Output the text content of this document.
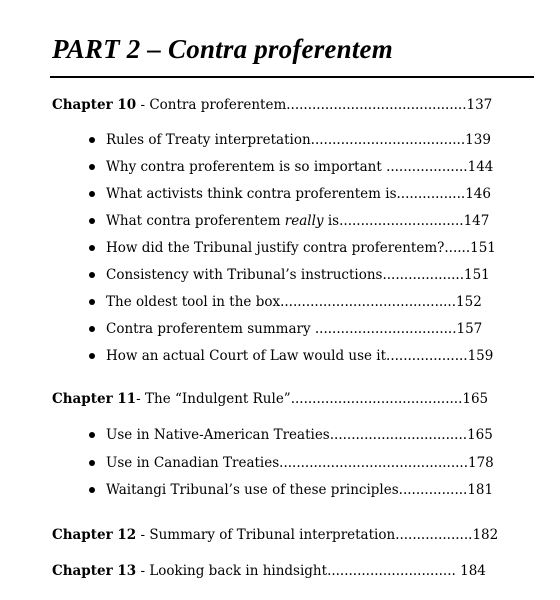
PART 2 – Contra proferentem
Chapter 10 - Contra proferentem..........................................137
Rules of Treaty interpretation....................................139
Why contra proferentem is so important ...................144
What activists think contra proferentem is................146
What contra proferentem really is.............................147
How did the Tribunal justify contra proferentem?......151
Consistency with Tribunal’s instructions...................151
The oldest tool in the box.........................................152
Contra proferentem summary .................................157
How an actual Court of Law would use it...................159
Chapter 11- The “Indulgent Rule”........................................165
Use in Native-American Treaties................................165
Use in Canadian Treaties............................................178
Waitangi Tribunal’s use of these principles................181
Chapter 12 - Summary of Tribunal interpretation..................182
Chapter 13 - Looking back in hindsight.............................. 184
